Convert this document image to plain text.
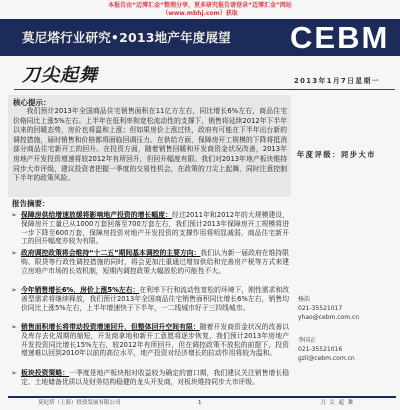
本报告由“迈博汇金”整理分享，更多研究报告请登录“迈博汇金”网站
（www.mbhj.com）获取
莫尼塔行业研究•2013地产年度展望 CEBM
刀尖起舞	2013年1月7日星期一
核心提示：
我们预计2013年全国商品住宅销售面积在11亿方左右，同比增长6%左右，商品住宅价格同比上涨5%左右。上半年在低利率和宽松流动性的支撑下，销售将延续2012年下半年以来的回暖态势，房价也将温和上涨；但如果房价上涨过快，政府有可能在下半年出台新的调控措施，届时销售和价格都将面临回调压力。在供给方面，保障房开工规模的下降将抵消部分商品住宅新开工的回升。在投资方面，随着销售回暖和开发商资金状况改善，2013年房地产开发投资增速将较2012年有所回升，但回升幅度有限。我们对2013年地产板块维持同步大市评级，建议投资者把握一季度的交易性机会，在政策的刀尖上起舞，同时注意控制下半年的政策风险。
报告摘要：
➢ 保障房供给增速放缓将影响地产投资的增长幅度：经过2011年和2012年的大规模建设，保障房开工量已从1000万套回落至700万套左右，我们预计2013年保障房开工规模将进一步下降至600万套，保障房投资对地产开发投资的支撑作用将明显减弱，商品住宅新开工的回升幅度亦较为有限。
➢ 政府调控政策将会维持“十二五”期间基本调控的主要方向：我们认为新一届政府在维持限购、限贷等行政性调控措施的同时，将会更加注重通过增加供给和完善房产税等方式来建立房地产市场的长效机制，短期内调控政策大幅放松的可能性不大。
➢ 今年销售增长6%，房价上涨5%左右：在利率下行和流动性宽松的环境下，刚性需求和改善型需求将继续释放，我们预计2013年全国商品住宅销售面积同比增长6%左右，销售均价同比上涨5%左右，上半年增速快于下半年，一二线城市好于三四线城市。
➢ 销售面积增长将带动投资增速回升，但整体回升空间有限：随着开发商资金状况的改善以及库存去化周期的缩短，开发商拿地和新开工意愿将逐步恢复，我们预计2013年房地产开发投资同比增长15%左右，较2012年有所回升，但在调控政策不放松的前提下，投资增速难以回到2010年以前的高位水平，地产投资对经济增长的拉动作用将较为温和。
➢ 板块投资策略：一季度是地产板块相对收益较为确定的窗口期，我们建议关注销售增长稳定、土地储备优质以及财务结构稳健的龙头开发商，对板块维持同步大市评级。
年度评级：同步大市
杨浩
021-35521017
yhao@cebm.com.cn
李国正
021-35521016
gzli@cebm.com.cn
莫尼塔（上海）投资发展有限公司	1	刀 尖 起 舞
